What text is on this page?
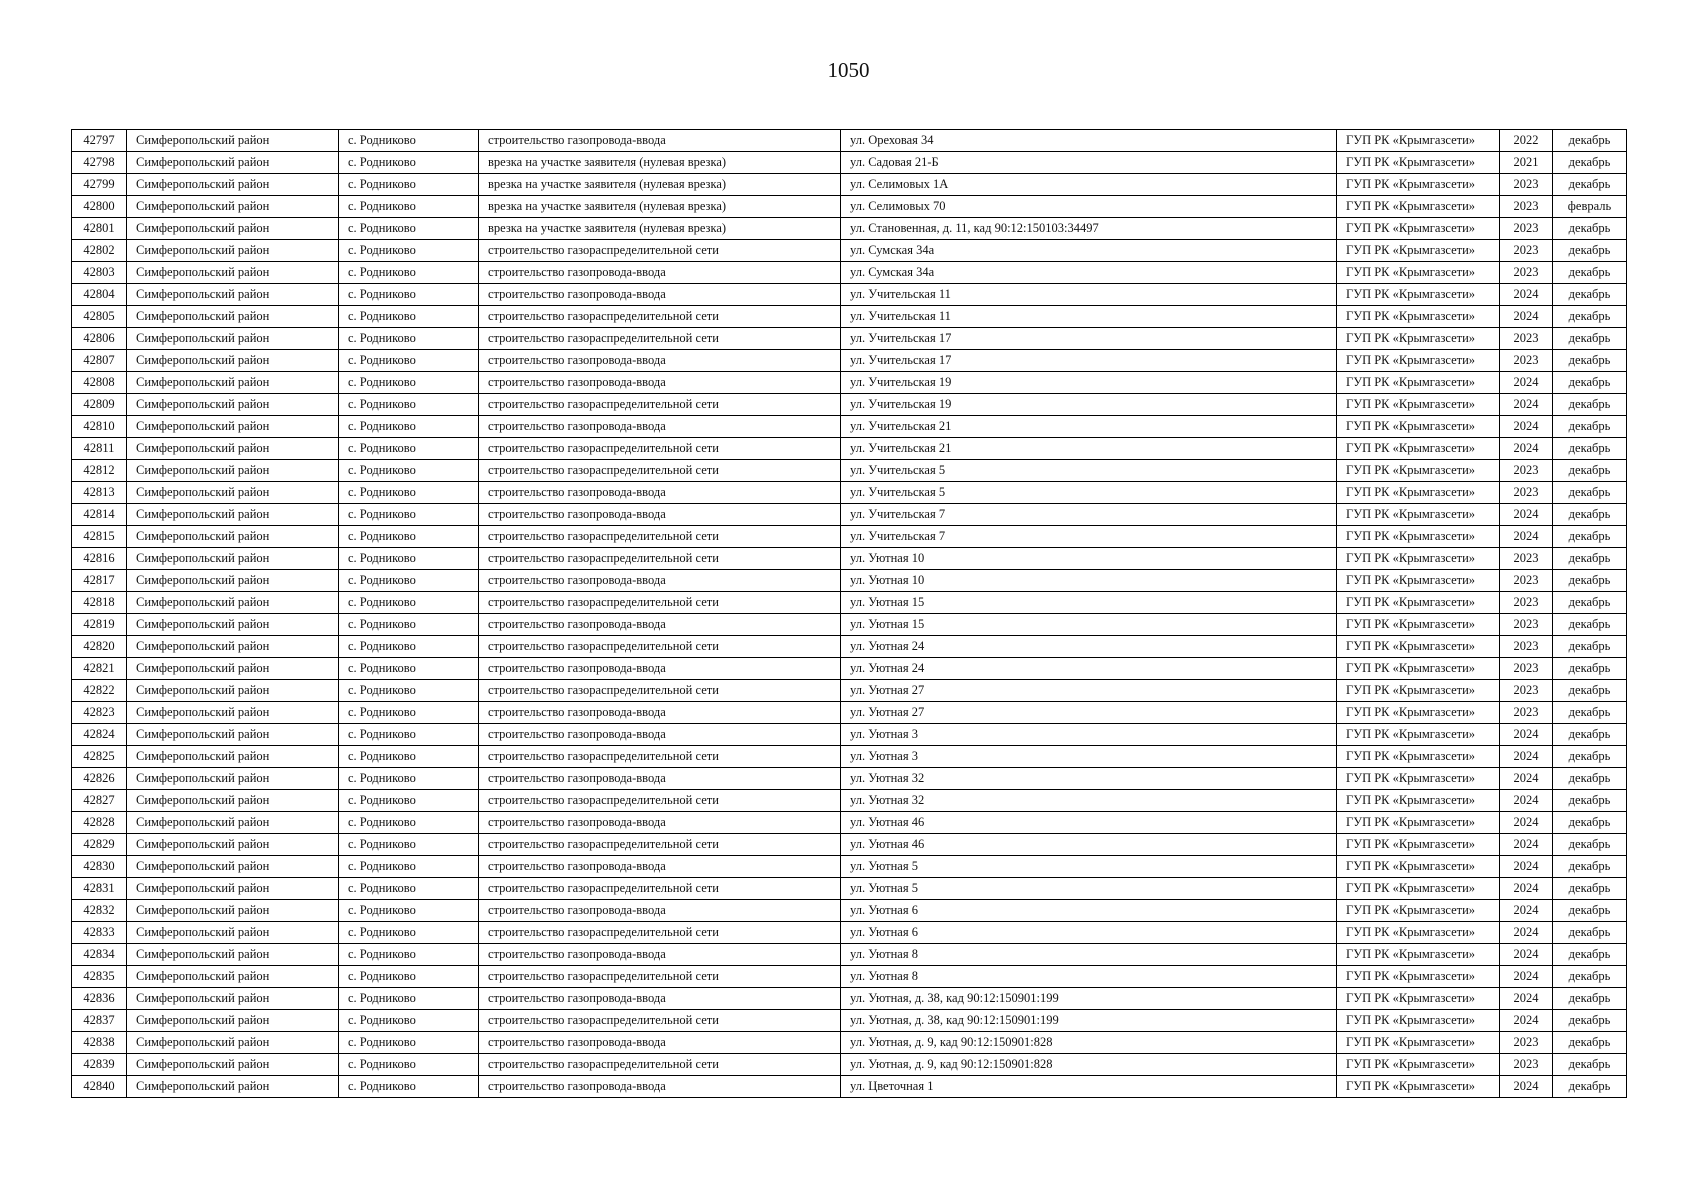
1050
42797	Симферопольский район	с. Родниково	строительство газопровода-ввода	ул. Ореховая 34	ГУП РК «Крымгазсети»	2022	декабрь
42798	Симферопольский район	с. Родниково	врезка на участке заявителя (нулевая врезка)	ул. Садовая 21-Б	ГУП РК «Крымгазсети»	2021	декабрь
42799	Симферопольский район	с. Родниково	врезка на участке заявителя (нулевая врезка)	ул. Селимовых 1А	ГУП РК «Крымгазсети»	2023	декабрь
42800	Симферопольский район	с. Родниково	врезка на участке заявителя (нулевая врезка)	ул. Селимовых 70	ГУП РК «Крымгазсети»	2023	февраль
42801	Симферопольский район	с. Родниково	врезка на участке заявителя (нулевая врезка)	ул. Становенная, д. 11, кад 90:12:150103:34497	ГУП РК «Крымгазсети»	2023	декабрь
42802	Симферопольский район	с. Родниково	строительство газораспределительной сети	ул. Сумская 34а	ГУП РК «Крымгазсети»	2023	декабрь
42803	Симферопольский район	с. Родниково	строительство газопровода-ввода	ул. Сумская 34а	ГУП РК «Крымгазсети»	2023	декабрь
42804	Симферопольский район	с. Родниково	строительство газопровода-ввода	ул. Учительская 11	ГУП РК «Крымгазсети»	2024	декабрь
42805	Симферопольский район	с. Родниково	строительство газораспределительной сети	ул. Учительская 11	ГУП РК «Крымгазсети»	2024	декабрь
42806	Симферопольский район	с. Родниково	строительство газораспределительной сети	ул. Учительская 17	ГУП РК «Крымгазсети»	2023	декабрь
42807	Симферопольский район	с. Родниково	строительство газопровода-ввода	ул. Учительская 17	ГУП РК «Крымгазсети»	2023	декабрь
42808	Симферопольский район	с. Родниково	строительство газопровода-ввода	ул. Учительская 19	ГУП РК «Крымгазсети»	2024	декабрь
42809	Симферопольский район	с. Родниково	строительство газораспределительной сети	ул. Учительская 19	ГУП РК «Крымгазсети»	2024	декабрь
42810	Симферопольский район	с. Родниково	строительство газопровода-ввода	ул. Учительская 21	ГУП РК «Крымгазсети»	2024	декабрь
42811	Симферопольский район	с. Родниково	строительство газораспределительной сети	ул. Учительская 21	ГУП РК «Крымгазсети»	2024	декабрь
42812	Симферопольский район	с. Родниково	строительство газораспределительной сети	ул. Учительская 5	ГУП РК «Крымгазсети»	2023	декабрь
42813	Симферопольский район	с. Родниково	строительство газопровода-ввода	ул. Учительская 5	ГУП РК «Крымгазсети»	2023	декабрь
42814	Симферопольский район	с. Родниково	строительство газопровода-ввода	ул. Учительская 7	ГУП РК «Крымгазсети»	2024	декабрь
42815	Симферопольский район	с. Родниково	строительство газораспределительной сети	ул. Учительская 7	ГУП РК «Крымгазсети»	2024	декабрь
42816	Симферопольский район	с. Родниково	строительство газораспределительной сети	ул. Уютная 10	ГУП РК «Крымгазсети»	2023	декабрь
42817	Симферопольский район	с. Родниково	строительство газопровода-ввода	ул. Уютная 10	ГУП РК «Крымгазсети»	2023	декабрь
42818	Симферопольский район	с. Родниково	строительство газораспределительной сети	ул. Уютная 15	ГУП РК «Крымгазсети»	2023	декабрь
42819	Симферопольский район	с. Родниково	строительство газопровода-ввода	ул. Уютная 15	ГУП РК «Крымгазсети»	2023	декабрь
42820	Симферопольский район	с. Родниково	строительство газораспределительной сети	ул. Уютная 24	ГУП РК «Крымгазсети»	2023	декабрь
42821	Симферопольский район	с. Родниково	строительство газопровода-ввода	ул. Уютная 24	ГУП РК «Крымгазсети»	2023	декабрь
42822	Симферопольский район	с. Родниково	строительство газораспределительной сети	ул. Уютная 27	ГУП РК «Крымгазсети»	2023	декабрь
42823	Симферопольский район	с. Родниково	строительство газопровода-ввода	ул. Уютная 27	ГУП РК «Крымгазсети»	2023	декабрь
42824	Симферопольский район	с. Родниково	строительство газопровода-ввода	ул. Уютная 3	ГУП РК «Крымгазсети»	2024	декабрь
42825	Симферопольский район	с. Родниково	строительство газораспределительной сети	ул. Уютная 3	ГУП РК «Крымгазсети»	2024	декабрь
42826	Симферопольский район	с. Родниково	строительство газопровода-ввода	ул. Уютная 32	ГУП РК «Крымгазсети»	2024	декабрь
42827	Симферопольский район	с. Родниково	строительство газораспределительной сети	ул. Уютная 32	ГУП РК «Крымгазсети»	2024	декабрь
42828	Симферопольский район	с. Родниково	строительство газопровода-ввода	ул. Уютная 46	ГУП РК «Крымгазсети»	2024	декабрь
42829	Симферопольский район	с. Родниково	строительство газораспределительной сети	ул. Уютная 46	ГУП РК «Крымгазсети»	2024	декабрь
42830	Симферопольский район	с. Родниково	строительство газопровода-ввода	ул. Уютная 5	ГУП РК «Крымгазсети»	2024	декабрь
42831	Симферопольский район	с. Родниково	строительство газораспределительной сети	ул. Уютная 5	ГУП РК «Крымгазсети»	2024	декабрь
42832	Симферопольский район	с. Родниково	строительство газопровода-ввода	ул. Уютная 6	ГУП РК «Крымгазсети»	2024	декабрь
42833	Симферопольский район	с. Родниково	строительство газораспределительной сети	ул. Уютная 6	ГУП РК «Крымгазсети»	2024	декабрь
42834	Симферопольский район	с. Родниково	строительство газопровода-ввода	ул. Уютная 8	ГУП РК «Крымгазсети»	2024	декабрь
42835	Симферопольский район	с. Родниково	строительство газораспределительной сети	ул. Уютная 8	ГУП РК «Крымгазсети»	2024	декабрь
42836	Симферопольский район	с. Родниково	строительство газопровода-ввода	ул. Уютная, д. 38, кад 90:12:150901:199	ГУП РК «Крымгазсети»	2024	декабрь
42837	Симферопольский район	с. Родниково	строительство газораспределительной сети	ул. Уютная, д. 38, кад 90:12:150901:199	ГУП РК «Крымгазсети»	2024	декабрь
42838	Симферопольский район	с. Родниково	строительство газопровода-ввода	ул. Уютная, д. 9, кад 90:12:150901:828	ГУП РК «Крымгазсети»	2023	декабрь
42839	Симферопольский район	с. Родниково	строительство газораспределительной сети	ул. Уютная, д. 9, кад 90:12:150901:828	ГУП РК «Крымгазсети»	2023	декабрь
42840	Симферопольский район	с. Родниково	строительство газопровода-ввода	ул. Цветочная 1	ГУП РК «Крымгазсети»	2024	декабрь
